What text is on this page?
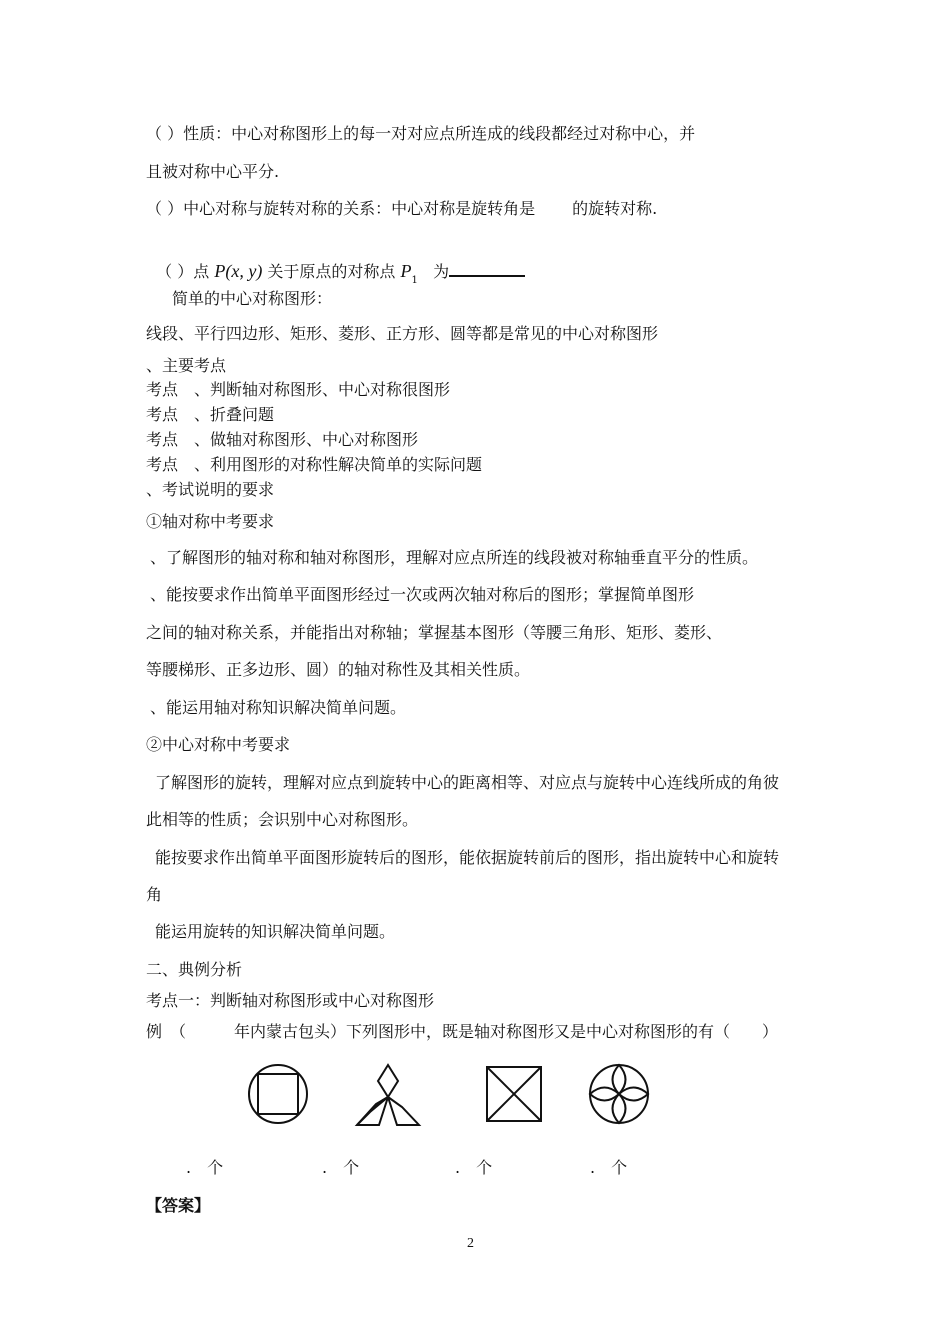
（ ）性质：中心对称图形上的每一对对应点所连成的线段都经过对称中心，并
且被对称中心平分.
（ ）中心对称与旋转对称的关系：中心对称是旋转角是　　 的旋转对称.

（ ）点 P(x, y) 关于原点的对称点 $P_1$   为

简单的中心对称图形：
线段、平行四边形、矩形、菱形、正方形、圆等都是常见的中心对称图形
、主要考点
考点　、判断轴对称图形、中心对称很图形
考点　、折叠问题
考点　、做轴对称图形、中心对称图形
考点　、利用图形的对称性解决简单的实际问题
、考试说明的要求
①轴对称中考要求
、了解图形的轴对称和轴对称图形，理解对应点所连的线段被对称轴垂直平分的性质。
、能按要求作出简单平面图形经过一次或两次轴对称后的图形；掌握简单图形
之间的轴对称关系，并能指出对称轴；掌握基本图形（等腰三角形、矩形、菱形、
等腰梯形、正多边形、圆）的轴对称性及其相关性质。
、能运用轴对称知识解决简单问题。
②中心对称中考要求
了解图形的旋转，理解对应点到旋转中心的距离相等、对应点与旋转中心连线所成的角彼
此相等的性质；会识别中心对称图形。
能按要求作出简单平面图形旋转后的图形，能依据旋转前后的图形，指出旋转中心和旋转
角
能运用旋转的知识解决简单问题。
二、典例分析
考点一：判断轴对称图形或中心对称图形
例　（　　　年内蒙古包头）下列图形中，既是轴对称图形又是中心对称图形的有（　　）
.　个	.　个	.　个	.　个
【答案】
2
